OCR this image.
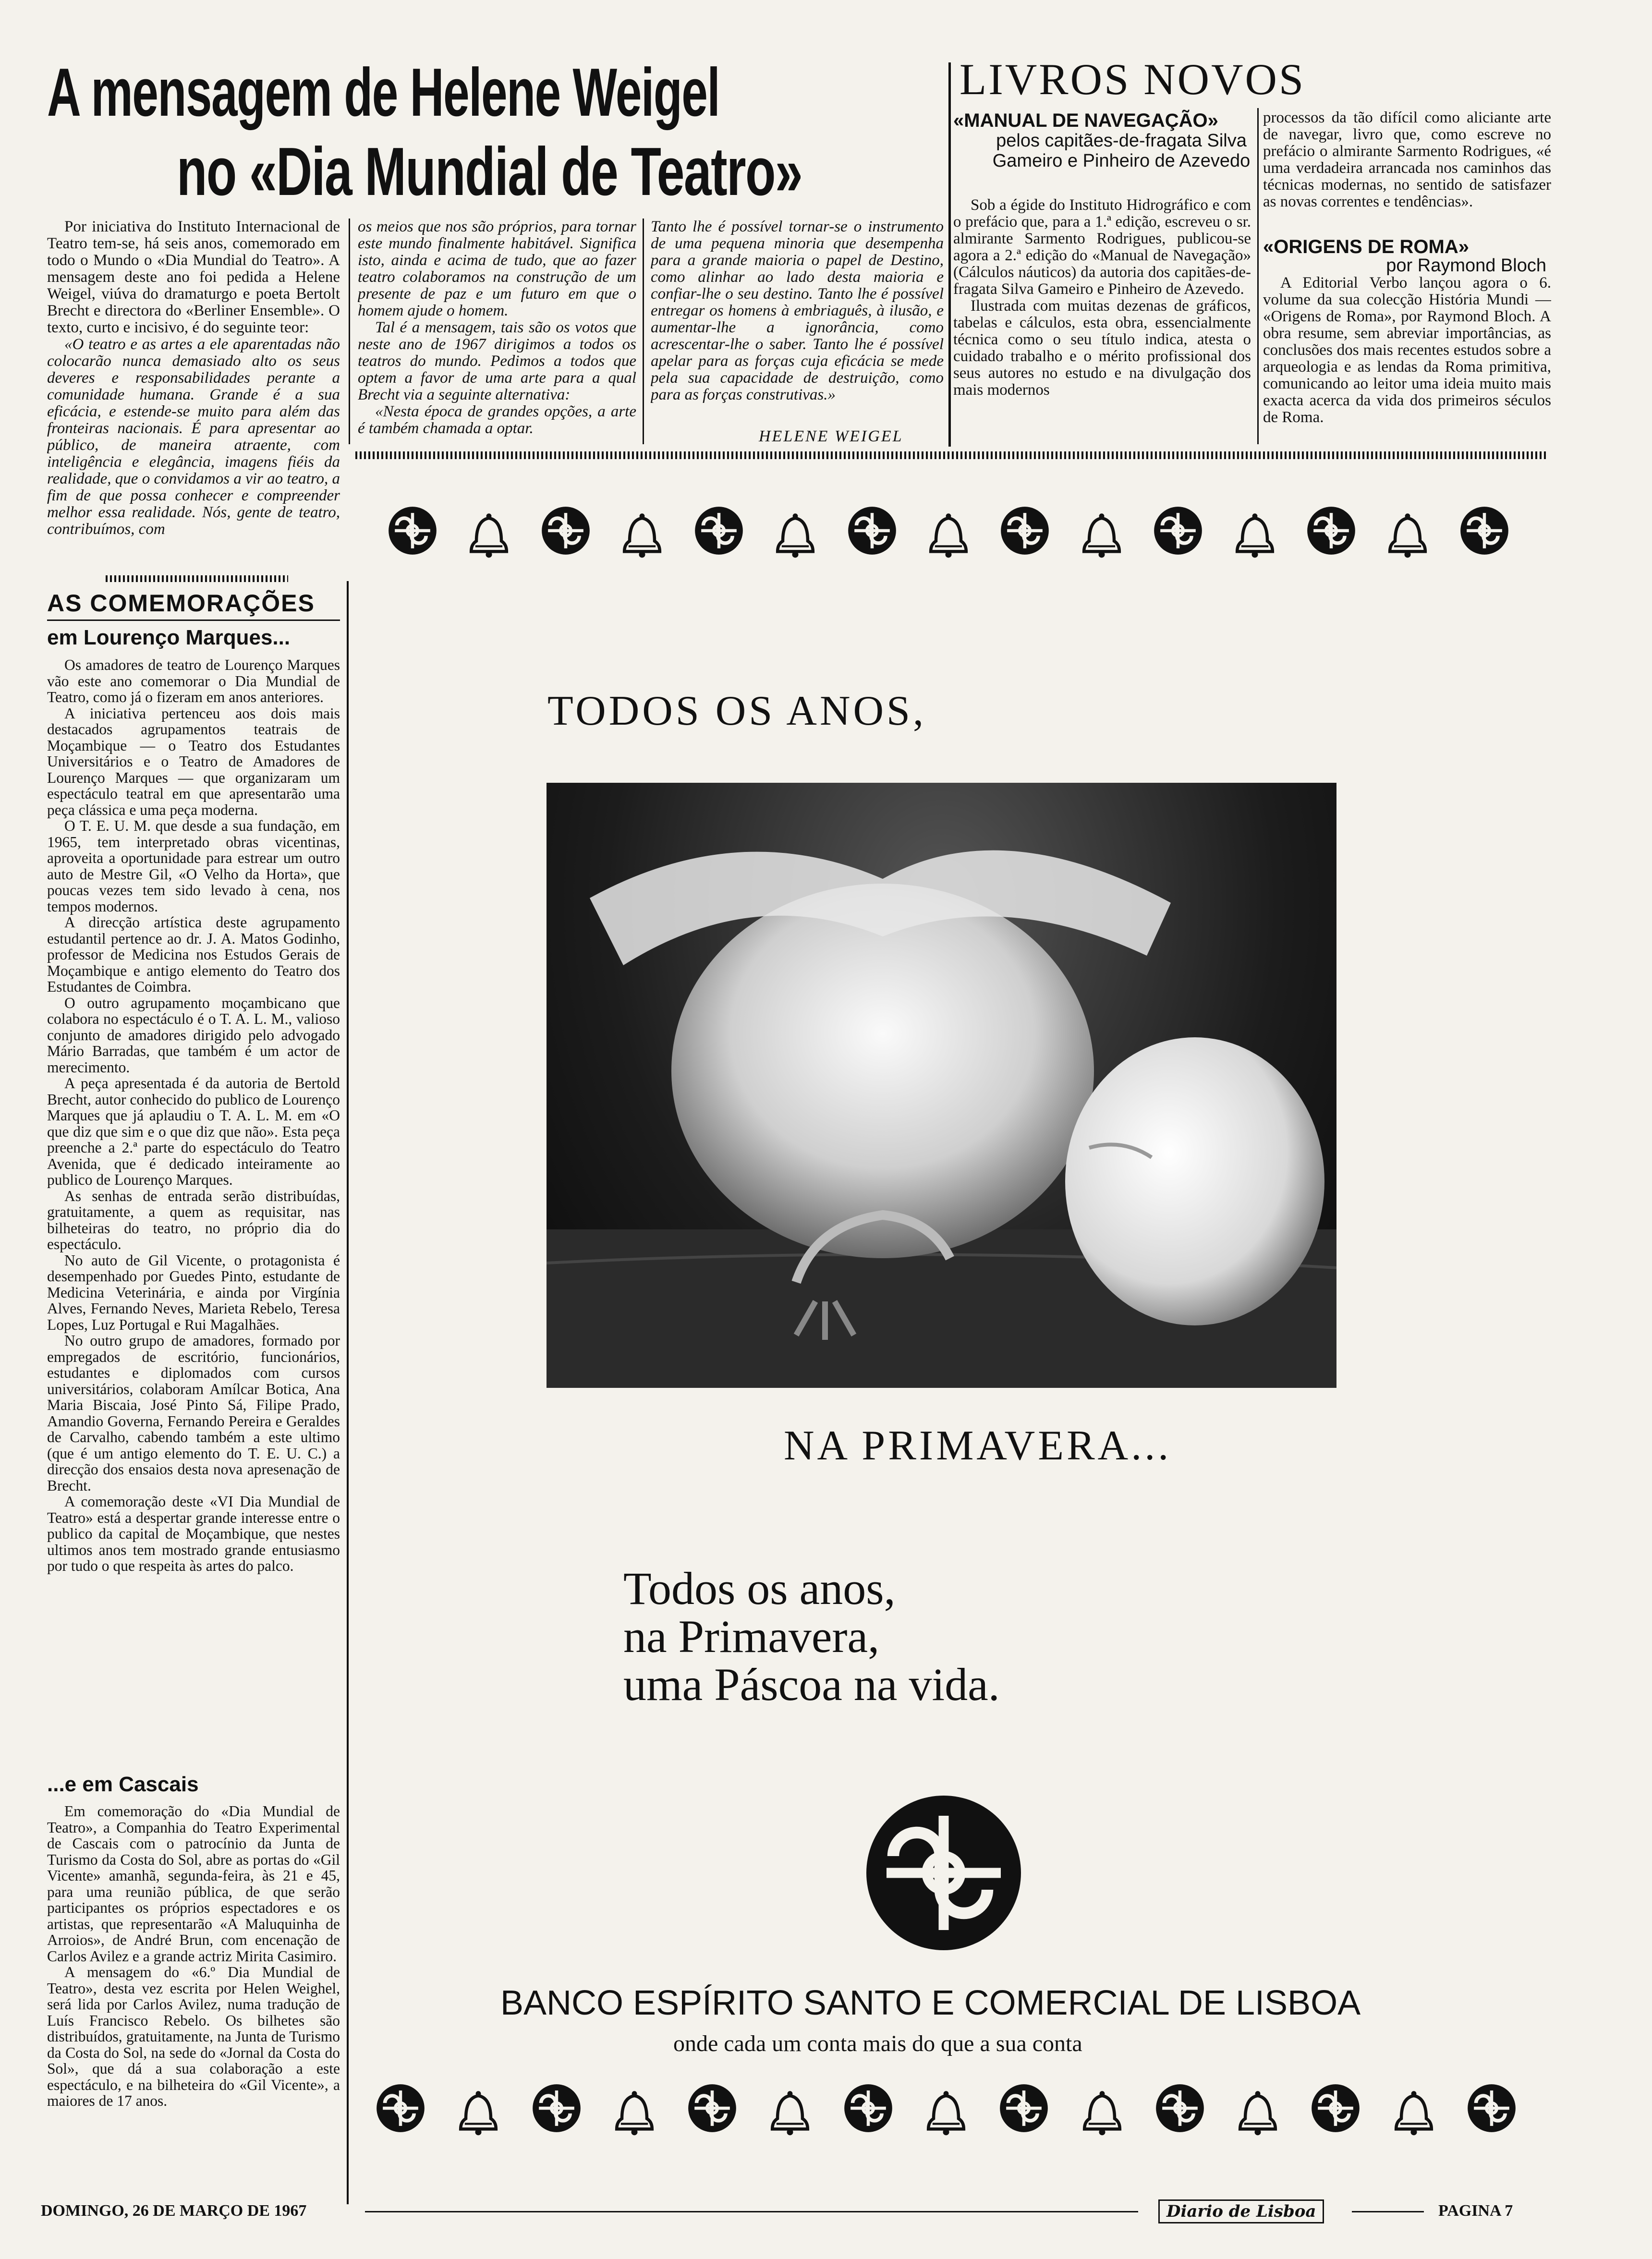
A mensagem de Helene Weigel
no «Dia Mundial de Teatro»

Por iniciativa do Instituto Internacional de Teatro tem-se, há seis anos, comemorado em todo o Mundo o «Dia Mundial do Teatro». A mensagem deste ano foi pedida a Helene Weigel, viúva do dramaturgo e poeta Bertolt Brecht e directora do «Berliner Ensemble». O texto, curto e incisivo, é do seguinte teor:

«O teatro e as artes a ele aparentadas não colocarão nunca demasiado alto os seus deveres e responsabilidades perante a comunidade humana. Grande é a sua eficácia, e estende-se muito para além das fronteiras nacionais. É para apresentar ao público, de maneira atraente, com inteligência e elegância, imagens fiéis da realidade, que o convidamos a vir ao teatro, a fim de que possa conhecer e compreender melhor essa realidade. Nós, gente de teatro, contribuímos, com

os meios que nos são próprios, para tornar este mundo finalmente habitável. Significa isto, ainda e acima de tudo, que ao fazer teatro colaboramos na construção de um presente de paz e um futuro em que o homem ajude o homem.

Tal é a mensagem, tais são os votos que neste ano de 1967 dirigimos a todos os teatros do mundo. Pedimos a todos que optem a favor de uma arte para a qual Brecht via a seguinte alternativa:

«Nesta época de grandes opções, a arte é também chamada a optar.

Tanto lhe é possível tornar-se o instrumento de uma pequena minoria que desempenha para a grande maioria o papel de Destino, como alinhar ao lado desta maioria e confiar-lhe o seu destino. Tanto lhe é possível entregar os homens à embriaguês, à ilusão, e aumentar-lhe a ignorância, como acrescentar-lhe o saber. Tanto lhe é possível apelar para as forças cuja eficácia se mede pela sua capacidade de destruição, como para as forças construtivas.»

HELENE WEIGEL
LIVROS NOVOS
«MANUAL DE NAVEGAÇÃO»
pelos capitães-de-fragata Silva Gameiro e Pinheiro de Azevedo

Sob a égide do Instituto Hidrográfico e com o prefácio que, para a 1.ª edição, escreveu o sr. almirante Sarmento Rodrigues, publicou-se agora a 2.ª edição do «Manual de Navegação» (Cálculos náuticos) da autoria dos capitães-de-fragata Silva Gameiro e Pinheiro de Azevedo.

Ilustrada com muitas dezenas de gráficos, tabelas e cálculos, esta obra, essencialmente técnica como o seu título indica, atesta o cuidado trabalho e o mérito profissional dos seus autores no estudo e na divulgação dos mais modernos

processos da tão difícil como aliciante arte de navegar, livro que, como escreve no prefácio o almirante Sarmento Rodrigues, «é uma verdadeira arrancada nos caminhos das técnicas modernas, no sentido de satisfazer as novas correntes e tendências».

«ORIGENS DE ROMA»
por Raymond Bloch

A Editorial Verbo lançou agora o 6. volume da sua colecção História Mundi — «Origens de Roma», por Raymond Bloch. A obra resume, sem abreviar importâncias, as conclusões dos mais recentes estudos sobre a arqueologia e as lendas da Roma primitiva, comunicando ao leitor uma ideia muito mais exacta acerca da vida dos primeiros séculos de Roma.

AS COMEMORAÇÕES
em Lourenço Marques...

Os amadores de teatro de Lourenço Marques vão este ano comemorar o Dia Mundial de Teatro, como já o fizeram em anos anteriores.

A iniciativa pertenceu aos dois mais destacados agrupamentos teatrais de Moçambique — o Teatro dos Estudantes Universitários e o Teatro de Amadores de Lourenço Marques — que organizaram um espectáculo teatral em que apresentarão uma peça clássica e uma peça moderna.

O T. E. U. M. que desde a sua fundação, em 1965, tem interpretado obras vicentinas, aproveita a oportunidade para estrear um outro auto de Mestre Gil, «O Velho da Horta», que poucas vezes tem sido levado à cena, nos tempos modernos.

A direcção artística deste agrupamento estudantil pertence ao dr. J. A. Matos Godinho, professor de Medicina nos Estudos Gerais de Moçambique e antigo elemento do Teatro dos Estudantes de Coimbra.

O outro agrupamento moçambicano que colabora no espectáculo é o T. A. L. M., valioso conjunto de amadores dirigido pelo advogado Mário Barradas, que também é um actor de merecimento.

A peça apresentada é da autoria de Bertold Brecht, autor conhecido do publico de Lourenço Marques que já aplaudiu o T. A. L. M. em «O que diz que sim e o que diz que não». Esta peça preenche a 2.ª parte do espectáculo do Teatro Avenida, que é dedicado inteiramente ao publico de Lourenço Marques.

As senhas de entrada serão distribuídas, gratuitamente, a quem as requisitar, nas bilheteiras do teatro, no próprio dia do espectáculo.

No auto de Gil Vicente, o protagonista é desempenhado por Guedes Pinto, estudante de Medicina Veterinária, e ainda por Virgínia Alves, Fernando Neves, Marieta Rebelo, Teresa Lopes, Luz Portugal e Rui Magalhães.

No outro grupo de amadores, formado por empregados de escritório, funcionários, estudantes e diplomados com cursos universitários, colaboram Amílcar Botica, Ana Maria Biscaia, José Pinto Sá, Filipe Prado, Amandio Governa, Fernando Pereira e Geraldes de Carvalho, cabendo também a este ultimo (que é um antigo elemento do T. E. U. C.) a direcção dos ensaios desta nova apresenação de Brecht.

A comemoração deste «VI Dia Mundial de Teatro» está a despertar grande interesse entre o publico da capital de Moçambique, que nestes ultimos anos tem mostrado grande entusiasmo por tudo o que respeita às artes do palco.

...e em Cascais

Em comemoração do «Dia Mundial de Teatro», a Companhia do Teatro Experimental de Cascais com o patrocínio da Junta de Turismo da Costa do Sol, abre as portas do «Gil Vicente» amanhã, segunda-feira, às 21 e 45, para uma reunião pública, de que serão participantes os próprios espectadores e os artistas, que representarão «A Maluquinha de Arroios», de André Brun, com encenação de Carlos Avilez e a grande actriz Mirita Casimiro.

A mensagem do «6.º Dia Mundial de Teatro», desta vez escrita por Helen Weighel, será lida por Carlos Avilez, numa tradução de Luís Francisco Rebelo. Os bilhetes são distribuídos, gratuitamente, na Junta de Turismo da Costa do Sol, na sede do «Jornal da Costa do Sol», que dá a sua colaboração a este espectáculo, e na bilheteira do «Gil Vicente», a maiores de 17 anos.

TODOS OS ANOS,
NA PRIMAVERA...
Todos os anos,
na Primavera,
uma Páscoa na vida.
BANCO ESPÍRITO SANTO E COMERCIAL DE LISBOA
onde cada um conta mais do que a sua conta
DOMINGO, 26 DE MARÇO DE 1967	Diario de Lisboa	PAGINA 7
